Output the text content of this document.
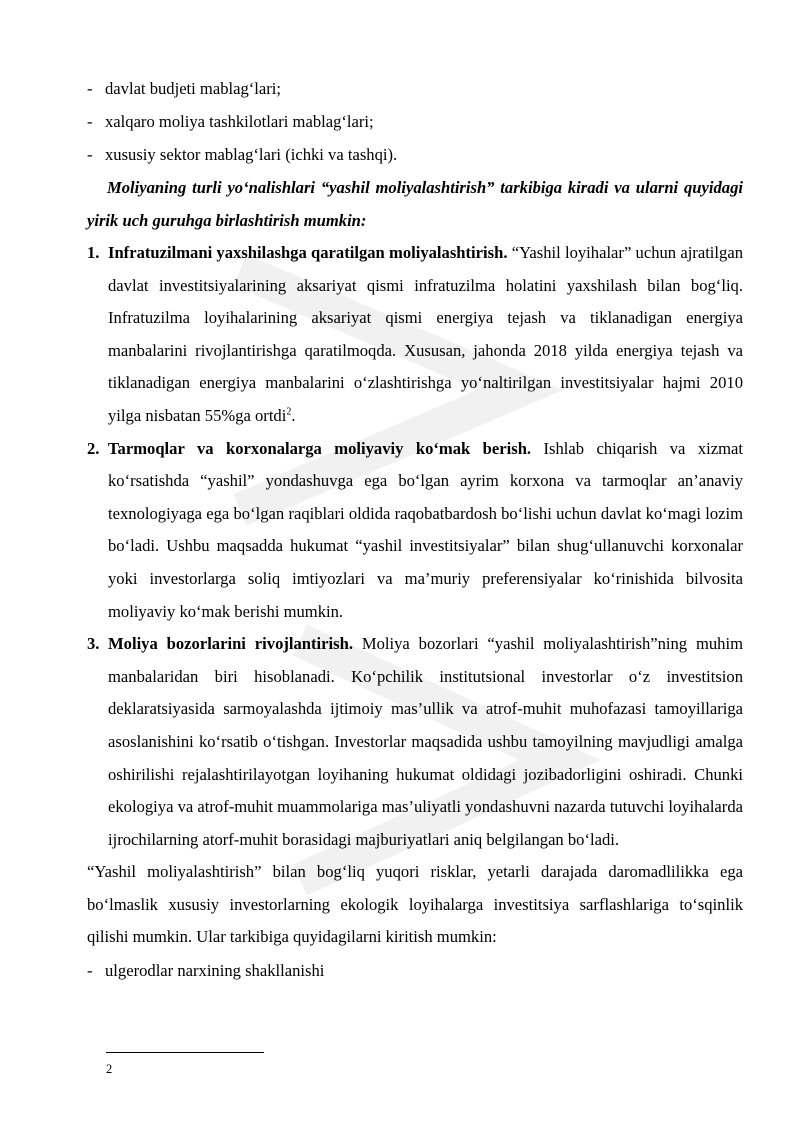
- davlat budjeti mablag‘lari;
- xalqaro moliya tashkilotlari mablag‘lari;
- xususiy sektor mablag‘lari (ichki va tashqi).

Moliyaning turli yo‘nalishlari “yashil moliyalashtirish” tarkibiga kiradi va ularni quyidagi yirik uch guruhga birlashtirish mumkin:

1. Infratuzilmani yaxshilashga qaratilgan moliyalashtirish. “Yashil loyihalar” uchun ajratilgan davlat investitsiyalarining aksariyat qismi infratuzilma holatini yaxshilash bilan bog‘liq. Infratuzilma loyihalarining aksariyat qismi energiya tejash va tiklanadigan energiya manbalarini rivojlantirishga qaratilmoqda. Xususan, jahonda 2018 yilda energiya tejash va tiklanadigan energiya manbalarini o‘zlashtirishga yo‘naltirilgan investitsiyalar hajmi 2010 yilga nisbatan 55%ga ortdi$^2$.

2. Tarmoqlar va korxonalarga moliyaviy ko‘mak berish. Ishlab chiqarish va xizmat ko‘rsatishda “yashil” yondashuvga ega bo‘lgan ayrim korxona va tarmoqlar an’anaviy texnologiyaga ega bo‘lgan raqiblari oldida raqobatbardosh bo‘lishi uchun davlat ko‘magi lozim bo‘ladi. Ushbu maqsadda hukumat “yashil investitsiyalar” bilan shug‘ullanuvchi korxonalar yoki investorlarga soliq imtiyozlari va ma’muriy preferensiyalar ko‘rinishida bilvosita moliyaviy ko‘mak berishi mumkin.

3. Moliya bozorlarini rivojlantirish. Moliya bozorlari “yashil moliyalashtirish”ning muhim manbalaridan biri hisoblanadi. Ko‘pchilik institutsional investorlar o‘z investitsion deklaratsiyasida sarmoyalashda ijtimoiy mas’ullik va atrof-muhit muhofazasi tamoyillariga asoslanishini ko‘rsatib o‘tishgan. Investorlar maqsadida ushbu tamoyilning mavjudligi amalga oshirilishi rejalashtirilayotgan loyihaning hukumat oldidagi jozibadorligini oshiradi. Chunki ekologiya va atrof-muhit muammolariga mas’uliyatli yondashuvni nazarda tutuvchi loyihalarda ijrochilarning atorf-muhit borasidagi majburiyatlari aniq belgilangan bo‘ladi.

“Yashil moliyalashtirish” bilan bog‘liq yuqori risklar, yetarli darajada daromadlilikka ega bo‘lmaslik xususiy investorlarning ekologik loyihalarga investitsiya sarflashlariga to‘sqinlik qilishi mumkin. Ular tarkibiga quyidagilarni kiritish mumkin:

- ulgerodlar narxining shakllanishi
2
